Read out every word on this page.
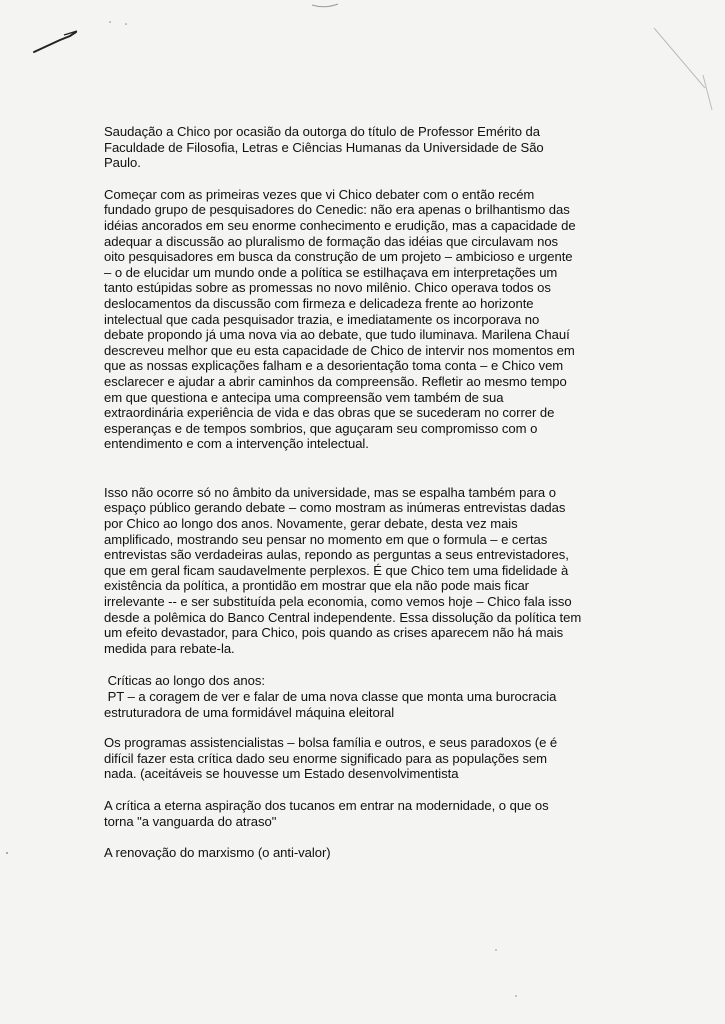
Saudação a Chico por ocasião da outorga do título de Professor Emérito da
Faculdade de Filosofia, Letras e Ciências Humanas da Universidade de São
Paulo.
Começar com as primeiras vezes que vi Chico debater com o então recém
fundado grupo de pesquisadores do Cenedic: não era apenas o brilhantismo das
idéias ancorados em seu enorme conhecimento e erudição, mas a capacidade de
adequar a discussão ao pluralismo de formação das idéias que circulavam nos
oito pesquisadores em busca da construção de um projeto – ambicioso e urgente
– o de elucidar um mundo onde a política se estilhaçava em interpretações um
tanto estúpidas sobre as promessas no novo milênio. Chico operava todos os
deslocamentos da discussão com firmeza e delicadeza frente ao horizonte
intelectual que cada pesquisador trazia, e imediatamente os incorporava no
debate propondo já uma nova via ao debate, que tudo iluminava. Marilena Chauí
descreveu melhor que eu esta capacidade de Chico de intervir nos momentos em
que as nossas explicações falham e a desorientação toma conta – e Chico vem
esclarecer e ajudar a abrir caminhos da compreensão. Refletir ao mesmo tempo
em que questiona e antecipa uma compreensão vem também de sua
extraordinária experiência de vida e das obras que se sucederam no correr de
esperanças e de tempos sombrios, que aguçaram seu compromisso com o
entendimento e com a intervenção intelectual.
Isso não ocorre só no âmbito da universidade, mas se espalha também para o
espaço público gerando debate – como mostram as inúmeras entrevistas dadas
por Chico ao longo dos anos. Novamente, gerar debate, desta vez mais
amplificado, mostrando seu pensar no momento em que o formula – e certas
entrevistas são verdadeiras aulas, repondo as perguntas a seus entrevistadores,
que em geral ficam saudavelmente perplexos. É que Chico tem uma fidelidade à
existência da política, a prontidão em mostrar que ela não pode mais ficar
irrelevante -- e ser substituída pela economia, como vemos hoje – Chico fala isso
desde a polêmica do Banco Central independente. Essa dissolução da política tem
um efeito devastador, para Chico, pois quando as crises aparecem não há mais
medida para rebate-la.
Críticas ao longo dos anos:
PT – a coragem de ver e falar de uma nova classe que monta uma burocracia
estruturadora de uma formidável máquina eleitoral
Os programas assistencialistas – bolsa família e outros, e seus paradoxos (e é
difícil fazer esta crítica dado seu enorme significado para as populações sem
nada. (aceitáveis se houvesse um Estado desenvolvimentista
A crítica a eterna aspiração dos tucanos em entrar na modernidade, o que os
torna "a vanguarda do atraso"
A renovação do marxismo (o anti-valor)
